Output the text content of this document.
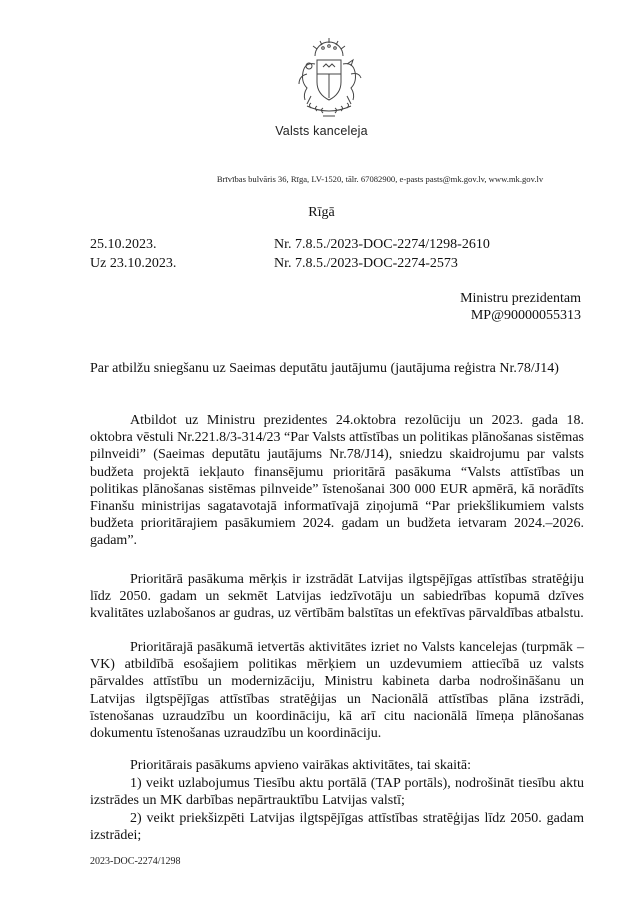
Valsts kanceleja
Brīvības bulvāris 36, Rīga, LV-1520, tālr. 67082900, e-pasts pasts@mk.gov.lv, www.mk.gov.lv
Rīgā
25.10.2023.
Uz 23.10.2023.
Nr. 7.8.5./2023-DOC-2274/1298-2610
Nr. 7.8.5./2023-DOC-2274-2573
Ministru prezidentam
MP@90000055313
Par atbilžu sniegšanu uz Saeimas deputātu jautājumu (jautājuma reģistra Nr.78/J14)
Atbildot uz Ministru prezidentes 24.oktobra rezolūciju un 2023. gada 18. oktobra vēstuli Nr.221.8/3-314/23 “Par Valsts attīstības un politikas plānošanas sistēmas pilnveidi” (Saeimas deputātu jautājums Nr.78/J14), sniedzu skaidrojumu par valsts budžeta projektā iekļauto finansējumu prioritārā pasākuma “Valsts attīstības un politikas plānošanas sistēmas pilnveide” īstenošanai 300 000 EUR apmērā, kā norādīts Finanšu ministrijas sagatavotajā informatīvajā ziņojumā “Par priekšlikumiem valsts budžeta prioritārajiem pasākumiem 2024. gadam un budžeta ietvaram 2024.–2026. gadam”.
Prioritārā pasākuma mērķis ir izstrādāt Latvijas ilgtspējīgas attīstības stratēģiju līdz 2050. gadam un sekmēt Latvijas iedzīvotāju un sabiedrības kopumā dzīves kvalitātes uzlabošanos ar gudras, uz vērtībām balstītas un efektīvas pārvaldības atbalstu.
Prioritārajā pasākumā ietvertās aktivitātes izriet no Valsts kancelejas (turpmāk – VK) atbildībā esošajiem politikas mērķiem un uzdevumiem attiecībā uz valsts pārvaldes attīstību un modernizāciju, Ministru kabineta darba nodrošināšanu un Latvijas ilgtspējīgas attīstības stratēģijas un Nacionālā attīstības plāna izstrādi, īstenošanas uzraudzību un koordināciju, kā arī citu nacionālā līmeņa plānošanas dokumentu īstenošanas uzraudzību un koordināciju.
Prioritārais pasākums apvieno vairākas aktivitātes, tai skaitā:
1) veikt uzlabojumus Tiesību aktu portālā (TAP portāls), nodrošināt tiesību aktu izstrādes un MK darbības nepārtrauktību Latvijas valstī;
2) veikt priekšizpēti Latvijas ilgtspējīgas attīstības stratēģijas līdz 2050. gadam izstrādei;
2023-DOC-2274/1298
